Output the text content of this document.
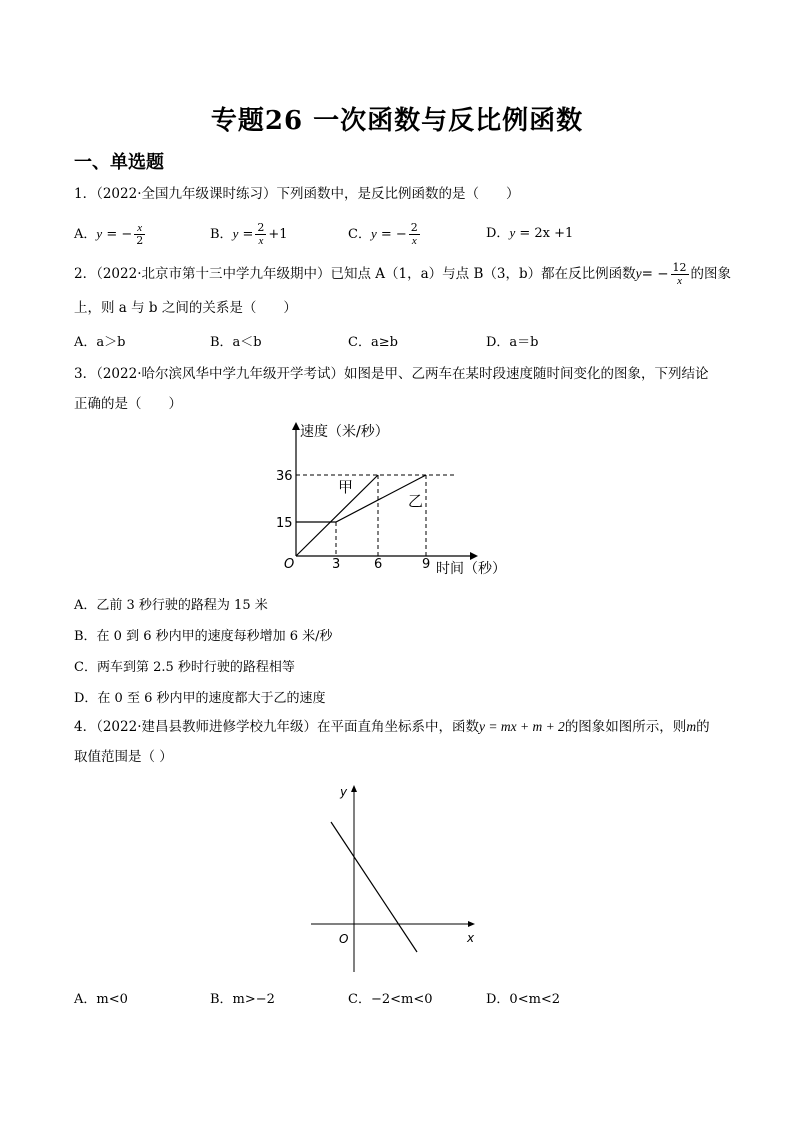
专题26 一次函数与反比例函数
一、单选题
1．（2022·全国九年级课时练习）下列函数中，是反比例函数的是（　　）
A．y = − $\frac{x}{2}$	B．$y = \frac{2}{x} +1$	C．y = − $\frac{2}{x}$	D．y = 2x +1
2．（2022·北京市第十三中学九年级期中）已知点 A（1，a）与点 B（3，b）都在反比例函数$y= - \frac{12}{x}$ 的图象
上，则 a 与 b 之间的关系是（　　）
A．a＞b	B．a＜b	C．a≥b	D．a＝b
3．（2022·哈尔滨风华中学九年级开学考试）如图是甲、乙两车在某时段速度随时间变化的图象，下列结论
正确的是（　　）
速度（米/秒）
时间（秒）
O	3	6	9
15
36
甲
乙
A．乙前 3 秒行驶的路程为 15 米
B．在 0 到 6 秒内甲的速度每秒增加 6 米/秒
C．两车到第 2.5 秒时行驶的路程相等
D．在 0 至 6 秒内甲的速度都大于乙的速度
4．（2022·建昌县教师进修学校九年级）在平面直角坐标系中，函数y = mx + m + 2的图象如图所示，则m的
取值范围是（ ）
y
x
O
A．m<0	B．m>−2	C．−2<m<0	D．0<m<2
